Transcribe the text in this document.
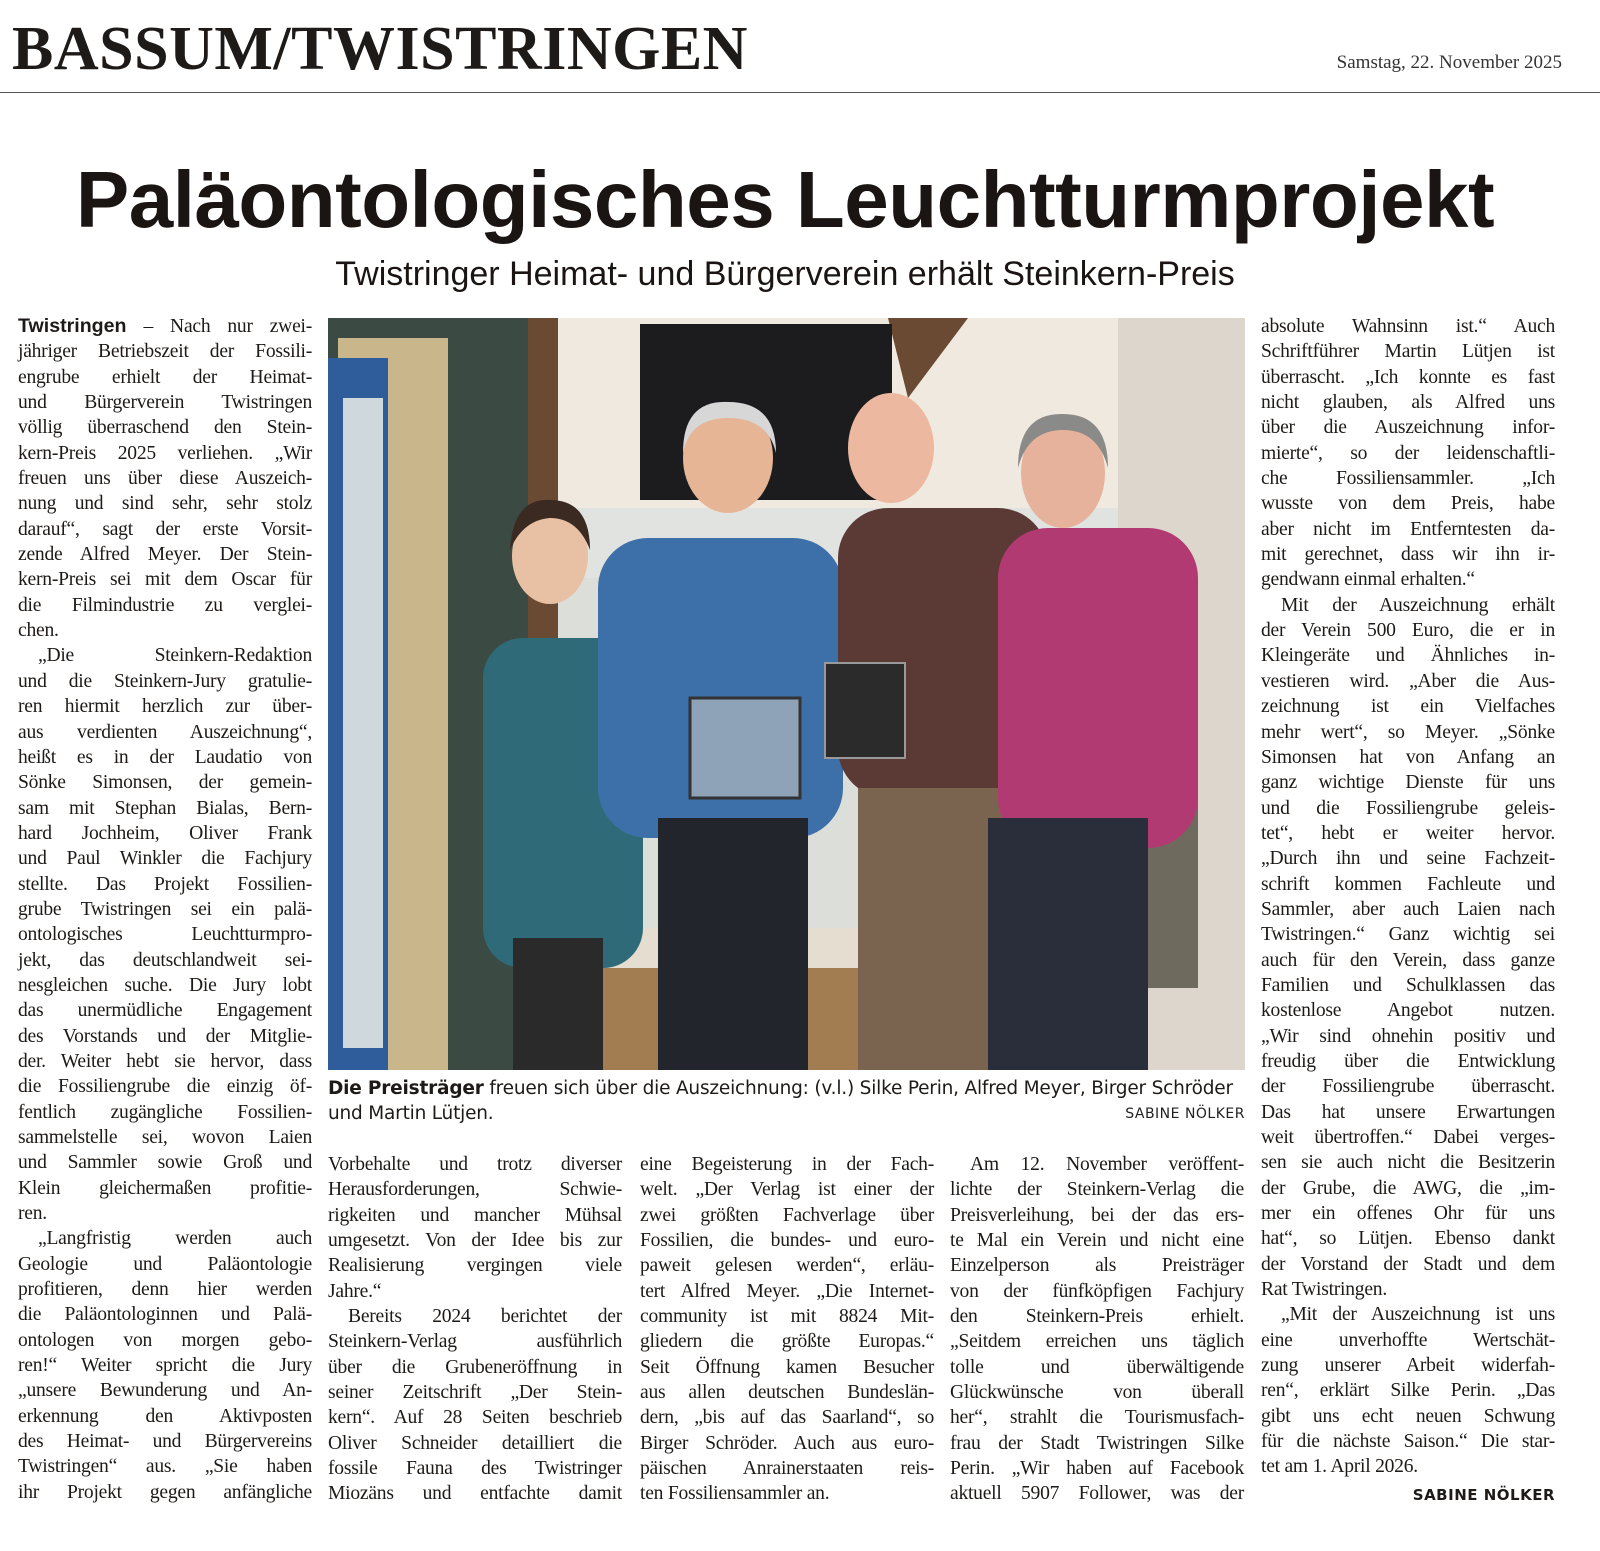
BASSUM/TWISTRINGEN	Samstag, 22. November 2025
Paläontologisches Leuchtturmprojekt
Twistringer Heimat- und Bürgerverein erhält Steinkern-Preis
Twistringen – Nach nur zwei-
jähriger Betriebszeit der Fossili-
engrube erhielt der Heimat-
und Bürgerverein Twistringen
völlig überraschend den Stein-
kern-Preis 2025 verliehen. „Wir
freuen uns über diese Auszeich-
nung und sind sehr, sehr stolz
darauf“, sagt der erste Vorsit-
zende Alfred Meyer. Der Stein-
kern-Preis sei mit dem Oscar für
die Filmindustrie zu verglei-
chen.
„Die Steinkern-Redaktion
und die Steinkern-Jury gratulie-
ren hiermit herzlich zur über-
aus verdienten Auszeichnung“,
heißt es in der Laudatio von
Sönke Simonsen, der gemein-
sam mit Stephan Bialas, Bern-
hard Jochheim, Oliver Frank
und Paul Winkler die Fachjury
stellte. Das Projekt Fossilien-
grube Twistringen sei ein palä-
ontologisches Leuchtturmpro-
jekt, das deutschlandweit sei-
nesgleichen suche. Die Jury lobt
das unermüdliche Engagement
des Vorstands und der Mitglie-
der. Weiter hebt sie hervor, dass
die Fossiliengrube die einzig öf-
fentlich zugängliche Fossilien-
sammelstelle sei, wovon Laien
und Sammler sowie Groß und
Klein gleichermaßen profitie-
ren.
„Langfristig werden auch
Geologie und Paläontologie
profitieren, denn hier werden
die Paläontologinnen und Palä-
ontologen von morgen gebo-
ren!“ Weiter spricht die Jury
„unsere Bewunderung und An-
erkennung den Aktivposten
des Heimat- und Bürgervereins
Twistringen“ aus. „Sie haben
ihr Projekt gegen anfängliche
Vorbehalte und trotz diverser
Herausforderungen, Schwie-
rigkeiten und mancher Mühsal
umgesetzt. Von der Idee bis zur
Realisierung vergingen viele
Jahre.“
Bereits 2024 berichtet der
Steinkern-Verlag ausführlich
über die Grubeneröffnung in
seiner Zeitschrift „Der Stein-
kern“. Auf 28 Seiten beschrieb
Oliver Schneider detailliert die
fossile Fauna des Twistringer
Miozäns und entfachte damit
eine Begeisterung in der Fach-
welt. „Der Verlag ist einer der
zwei größten Fachverlage über
Fossilien, die bundes- und euro-
paweit gelesen werden“, erläu-
tert Alfred Meyer. „Die Internet-
community ist mit 8824 Mit-
gliedern die größte Europas.“
Seit Öffnung kamen Besucher
aus allen deutschen Bundeslän-
dern, „bis auf das Saarland“, so
Birger Schröder. Auch aus euro-
päischen Anrainerstaaten reis-
ten Fossiliensammler an.
Am 12. November veröffent-
lichte der Steinkern-Verlag die
Preisverleihung, bei der das ers-
te Mal ein Verein und nicht eine
Einzelperson als Preisträger
von der fünfköpfigen Fachjury
den Steinkern-Preis erhielt.
„Seitdem erreichen uns täglich
tolle und überwältigende
Glückwünsche von überall
her“, strahlt die Tourismusfach-
frau der Stadt Twistringen Silke
Perin. „Wir haben auf Facebook
aktuell 5907 Follower, was der
absolute Wahnsinn ist.“ Auch
Schriftführer Martin Lütjen ist
überrascht. „Ich konnte es fast
nicht glauben, als Alfred uns
über die Auszeichnung infor-
mierte“, so der leidenschaftli-
che Fossiliensammler. „Ich
wusste von dem Preis, habe
aber nicht im Entferntesten da-
mit gerechnet, dass wir ihn ir-
gendwann einmal erhalten.“
Mit der Auszeichnung erhält
der Verein 500 Euro, die er in
Kleingeräte und Ähnliches in-
vestieren wird. „Aber die Aus-
zeichnung ist ein Vielfaches
mehr wert“, so Meyer. „Sönke
Simonsen hat von Anfang an
ganz wichtige Dienste für uns
und die Fossiliengrube geleis-
tet“, hebt er weiter hervor.
„Durch ihn und seine Fachzeit-
schrift kommen Fachleute und
Sammler, aber auch Laien nach
Twistringen.“ Ganz wichtig sei
auch für den Verein, dass ganze
Familien und Schulklassen das
kostenlose Angebot nutzen.
„Wir sind ohnehin positiv und
freudig über die Entwicklung
der Fossiliengrube überrascht.
Das hat unsere Erwartungen
weit übertroffen.“ Dabei verges-
sen sie auch nicht die Besitzerin
der Grube, die AWG, die „im-
mer ein offenes Ohr für uns
hat“, so Lütjen. Ebenso dankt
der Vorstand der Stadt und dem
Rat Twistringen.
„Mit der Auszeichnung ist uns
eine unverhoffte Wertschät-
zung unserer Arbeit widerfah-
ren“, erklärt Silke Perin. „Das
gibt uns echt neuen Schwung
für die nächste Saison.“ Die star-
tet am 1. April 2026.
Die Preisträger freuen sich über die Auszeichnung: (v.l.) Silke Perin, Alfred Meyer, Birger Schröder und Martin Lütjen.	SABINE NÖLKER
SABINE NÖLKER
